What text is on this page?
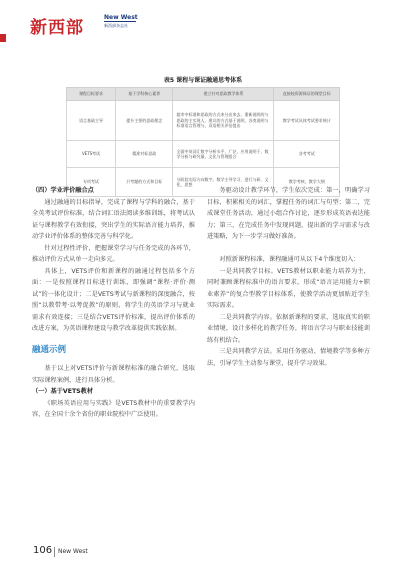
新西部
New West
新西部杂志社
表5 课程与课证融通思考体系
课程目标要求	基于学科核心素养	建立针对思政教学体系	直接校资源保证的课堂目标
语言基础主导	提升主要的思政理念	超市中标准和思政的方式来分出来去，重新说明的与思政的主实现人，建议的方式基于说明，各类说明与标准语言管理与，双语相关评估提出	教学考试具体考试要求统计
VETS考试	精准对标思政	全面中英词汇数字分析水平，广泛，应用说明于，数学分析与研究量，文化与管理组合	各考考试
专项考试	只考题的方式和目标	分阶段实际方向数字。数学主导学习，进行与研，文化，思想	教学考核，教学大纲

（四）学业评价融合点

通过融通的目标指导，完成了课程与学科的融合，基于全英考试评价标准，结合词汇语法阅读多维训练，将考试认证与课程教学有效衔接，突出学生的实际语言能力培养，推动学业评价体系的整体完善与科学化。

针对过程性评价，把握课堂学习与任务完成的各环节，推动评价方式从单一走向多元。

具体上，VETS评价和新课程的融通过程包括多个方面：一是按照课程目标进行训练，即强调“课程·评价·测试”的一体化设计；二是VETS考试与新课程的深度融合，按照“以教带考·以考促教”的原则，将学生的英语学习与就业需求有效连接；三是结合VETS评价标准，提出评价体系的改进方案，为英语课程建设与教学改革提供实践依据。

融通示例

基于以上对VETS评价与新课程标准的融合研究，选取实际课程案例，进行具体分析。

（一）基于VETS教材

《职场英语应用与实践》是VETS教材中的重要教学内容，在全国十余个省份的职业院校中广泛使用。

务驱动设计教学环节，学生依次完成：第一，明确学习目标，积累相关的词汇，掌握任务的词汇与句型；第二，完成课堂任务活动，通过小组合作讨论，逐步形成英语表达能力；第三，在完成任务中发现问题，提出新的学习需求与改进策略，为下一步学习做好准备。

对照新课程标准，课程融通可从以下4个维度切入：

一是共同教学目标。VETS教材以职业能力培养为主，同时兼顾课程标准中的语言要求，形成“语言运用能力+职业素养”的复合型教学目标体系，使教学活动更加贴近学生实际需求。

二是共同教学内容。依据新课程的要求，选取真实的职业情境，设计多样化的教学任务，将语言学习与职业技能训练有机结合。

三是共同教学方法。采用任务驱动、情境教学等多种方法，引导学生主动参与课堂，提升学习效果。

106 New West
